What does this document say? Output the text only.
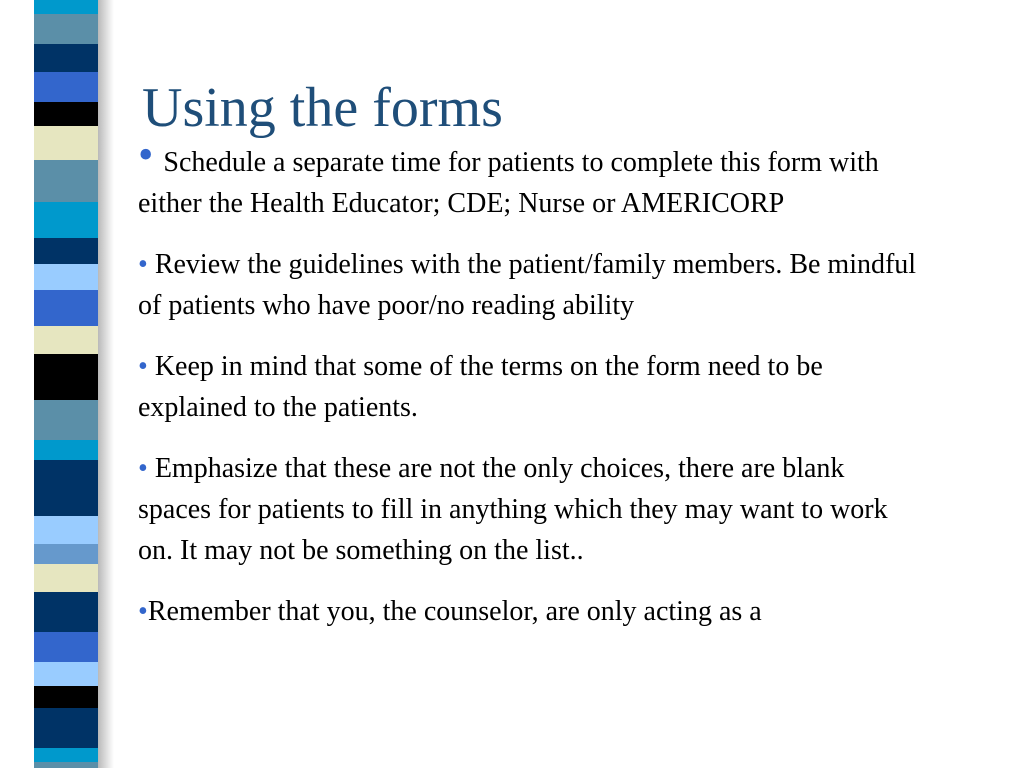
Using the forms

• Schedule a separate time for patients to complete this form with either the Health Educator; CDE; Nurse or AMERICORP

• Review the guidelines with the patient/family members. Be mindful of patients who have poor/no reading ability

• Keep in mind that some of the terms on the form need to be explained to the patients.

• Emphasize that these are not the only choices, there are blank spaces for patients to fill in anything which they may want to work on. It may not be something on the list..

•Remember that you, the counselor, are only acting as a
